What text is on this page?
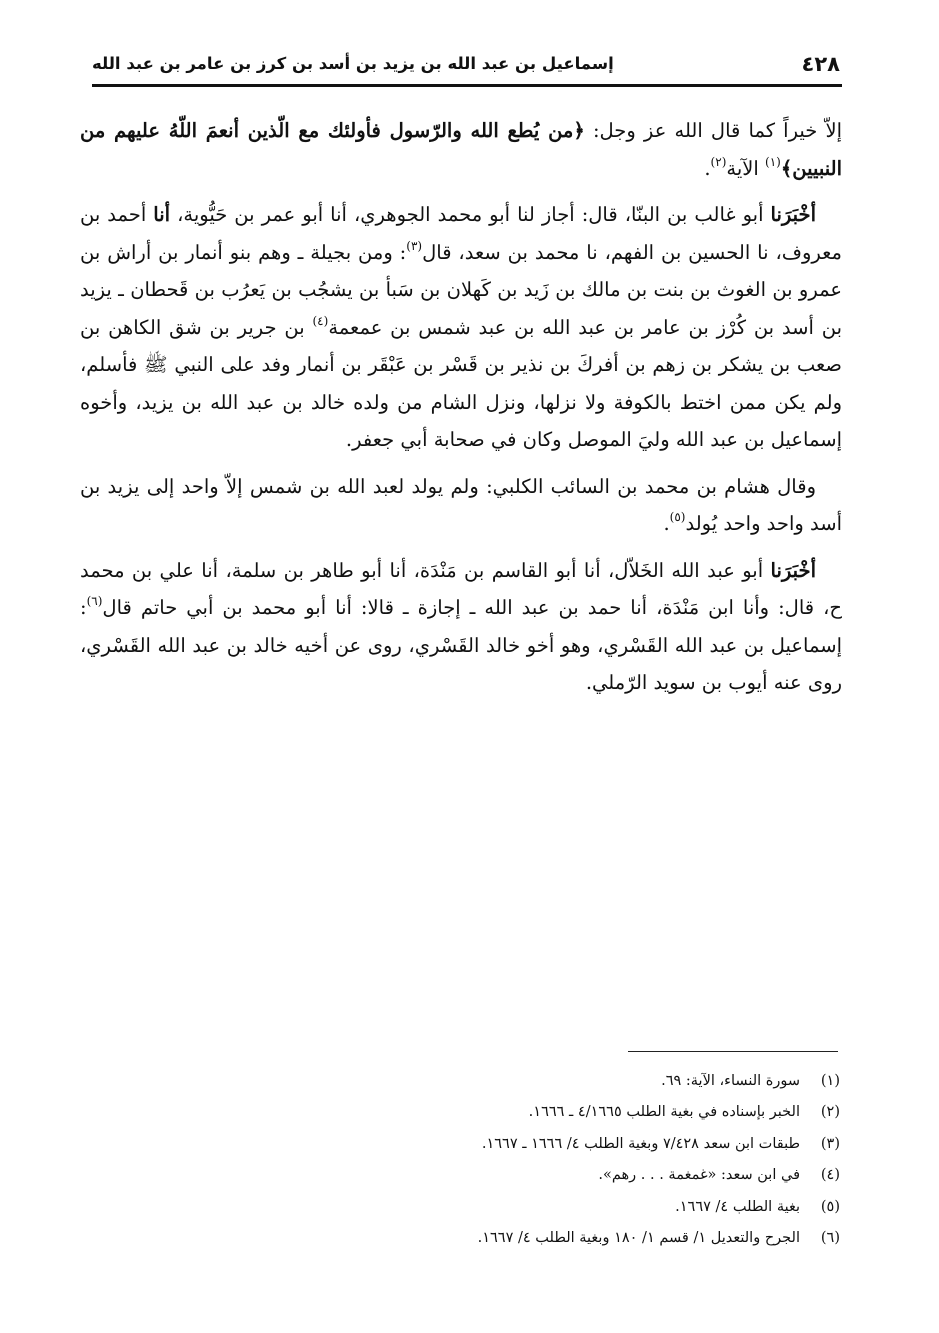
٤٢٨
إسماعيل بن عبد الله بن يزيد بن أسد بن كرز بن عامر بن عبد الله

إلاّ خيراً كما قال الله عز وجل: ﴿من يُطع الله والرّسول فأولئك مع الّذين أنعمَ اللّهُ عليهم من النبيين﴾$^{(١)}$ الآية$^{(٢)}$.

أخْبَرَنا أبو غالب بن البنّا، قال: أجاز لنا أبو محمد الجوهري، أنا أبو عمر بن حَيُّوية، أنا أحمد بن معروف، نا الحسين بن الفهم، نا محمد بن سعد، قال$^{(٣)}$: ومن بجيلة ـ وهم بنو أنمار بن أراش بن عمرو بن الغوث بن بنت بن مالك بن زَيد بن كَهلان بن سَبأ بن يشجُب بن يَعرُب بن قَحطان ـ يزيد بن أسد بن كُرْز بن عامر بن عبد الله بن عبد شمس بن عمعمة$^{(٤)}$ بن جرير بن شق الكاهن بن صعب بن يشكر بن زهم بن أفركَ بن نذير بن قَسْر بن عَبْقَر بن أنمار وفد على النبي ﷺ فأسلم، ولم يكن ممن اختط بالكوفة ولا نزلها، ونزل الشام من ولده خالد بن عبد الله بن يزيد، وأخوه إسماعيل بن عبد الله وليَ الموصل وكان في صحابة أبي جعفر.

وقال هشام بن محمد بن السائب الكلبي: ولم يولد لعبد الله بن شمس إلاّ واحد إلى يزيد بن أسد واحد واحد يُولد$^{(٥)}$.

أخْبَرَنا أبو عبد الله الخَلاّل، أنا أبو القاسم بن مَنْدَة، أنا أبو طاهر بن سلمة، أنا علي بن محمد ح، قال: وأنا ابن مَنْدَة، أنا حمد بن عبد الله ـ إجازة ـ قالا: أنا أبو محمد بن أبي حاتم قال$^{(٦)}$: إسماعيل بن عبد الله القَسْري، وهو أخو خالد القَسْري، روى عن أخيه خالد بن عبد الله القَسْري، روى عنه أيوب بن سويد الرّملي.

(١)سورة النساء، الآية: ٦٩.
(٢)الخبر بإسناده في بغية الطلب ٤/١٦٦٥ ـ ١٦٦٦.
(٣)طبقات ابن سعد ٧/٤٢٨ وبغية الطلب ٤/ ١٦٦٦ ـ ١٦٦٧.
(٤)في ابن سعد: «غمغمة . . . رهم».
(٥)بغية الطلب ٤/ ١٦٦٧.
(٦)الجرح والتعديل ١/ قسم ١/ ١٨٠ وبغية الطلب ٤/ ١٦٦٧.
